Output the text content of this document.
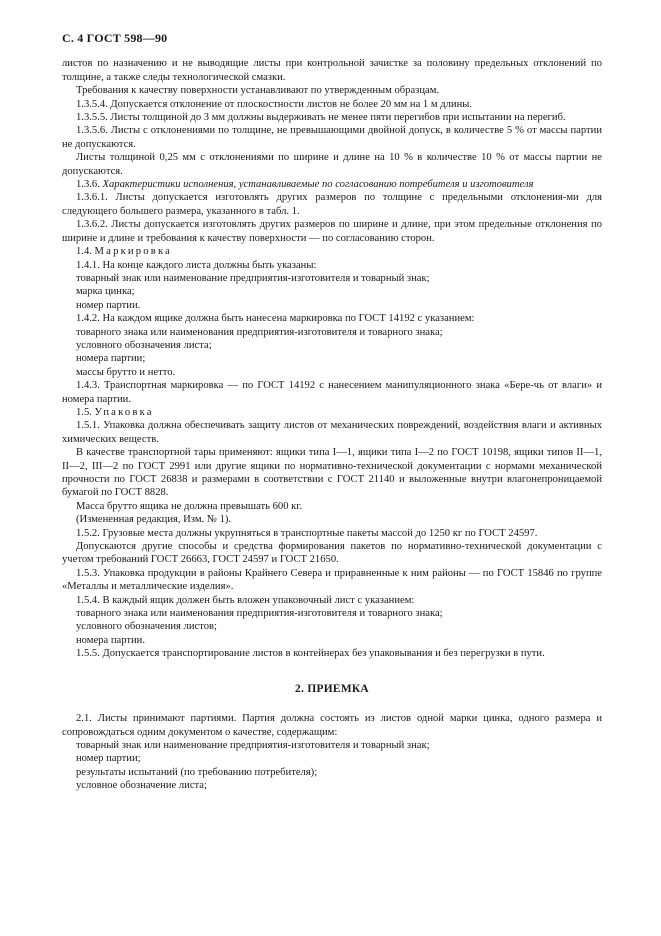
С. 4 ГОСТ 598—90

листов по назначению и не выводящие листы при контрольной зачистке за половину предельных отклонений по толщине, а также следы технологической смазки.

Требования к качеству поверхности устанавливают по утвержденным образцам.

1.3.5.4. Допускается отклонение от плоскостности листов не более 20 мм на 1 м длины.

1.3.5.5. Листы толщиной до 3 мм должны выдерживать не менее пяти перегибов при испытании на перегиб.

1.3.5.6. Листы с отклонениями по толщине, не превышающими двойной допуск, в количестве 5 % от массы партии не допускаются.

Листы толщиной 0,25 мм с отклонениями по ширине и длине на 10 % в количестве 10 % от массы партии не допускаются.

1.3.6. Характеристики исполнения, устанавливаемые по согласованию потребителя и изготовителя

1.3.6.1. Листы допускается изготовлять других размеров по толщине с предельными отклонения-ми для следующего большего размера, указанного в табл. 1.

1.3.6.2. Листы допускается изготовлять других размеров по ширине и длине, при этом предельные отклонения по ширине и длине и требования к качеству поверхности — по согласованию сторон.

1.4. Маркировка

1.4.1. На конце каждого листа должны быть указаны:

товарный знак или наименование предприятия-изготовителя и товарный знак;

марка цинка;

номер партии.

1.4.2. На каждом ящике должна быть нанесена маркировка по ГОСТ 14192 с указанием:

товарного знака или наименования предприятия-изготовителя и товарного знака;

условного обозначения листа;

номера партии;

массы брутто и нетто.

1.4.3. Транспортная маркировка — по ГОСТ 14192 с нанесением манипуляционного знака «Бере-чь от влаги» и номера партии.

1.5. Упаковка

1.5.1. Упаковка должна обеспечивать защиту листов от механических повреждений, воздействия влаги и активных химических веществ.

В качестве транспортной тары применяют: ящики типа I—1, ящики типа I—2 по ГОСТ 10198, ящики типов II—1, II—2, III—2 по ГОСТ 2991 или другие ящики по нормативно-технической документации с нормами механической прочности по ГОСТ 26838 и размерами в соответствии с ГОСТ 21140 и выложенные внутри влагонепроницаемой бумагой по ГОСТ 8828.

Масса брутто ящика не должна превышать 600 кг.

(Измененная редакция, Изм. № 1).

1.5.2. Грузовые места должны укрупняться в транспортные пакеты массой до 1250 кг по ГОСТ 24597.

Допускаются другие способы и средства формирования пакетов по нормативно-технической документации с учетом требований ГОСТ 26663, ГОСТ 24597 и ГОСТ 21650.

1.5.3. Упаковка продукции в районы Крайнего Севера и приравненные к ним районы — по ГОСТ 15846 по группе «Металлы и металлические изделия».

1.5.4. В каждый ящик должен быть вложен упаковочный лист с указанием:

товарного знака или наименования предприятия-изготовителя и товарного знака;

условного обозначения листов;

номера партии.

1.5.5. Допускается транспортирование листов в контейнерах без упаковывания и без перегрузки в пути.

2. ПРИЕМКА

2.1. Листы принимают партиями. Партия должна состоять из листов одной марки цинка, одного размера и сопровождаться одним документом о качестве, содержащим:

товарный знак или наименование предприятия-изготовителя и товарный знак;

номер партии;

результаты испытаний (по требованию потребителя);

условное обозначение листа;
